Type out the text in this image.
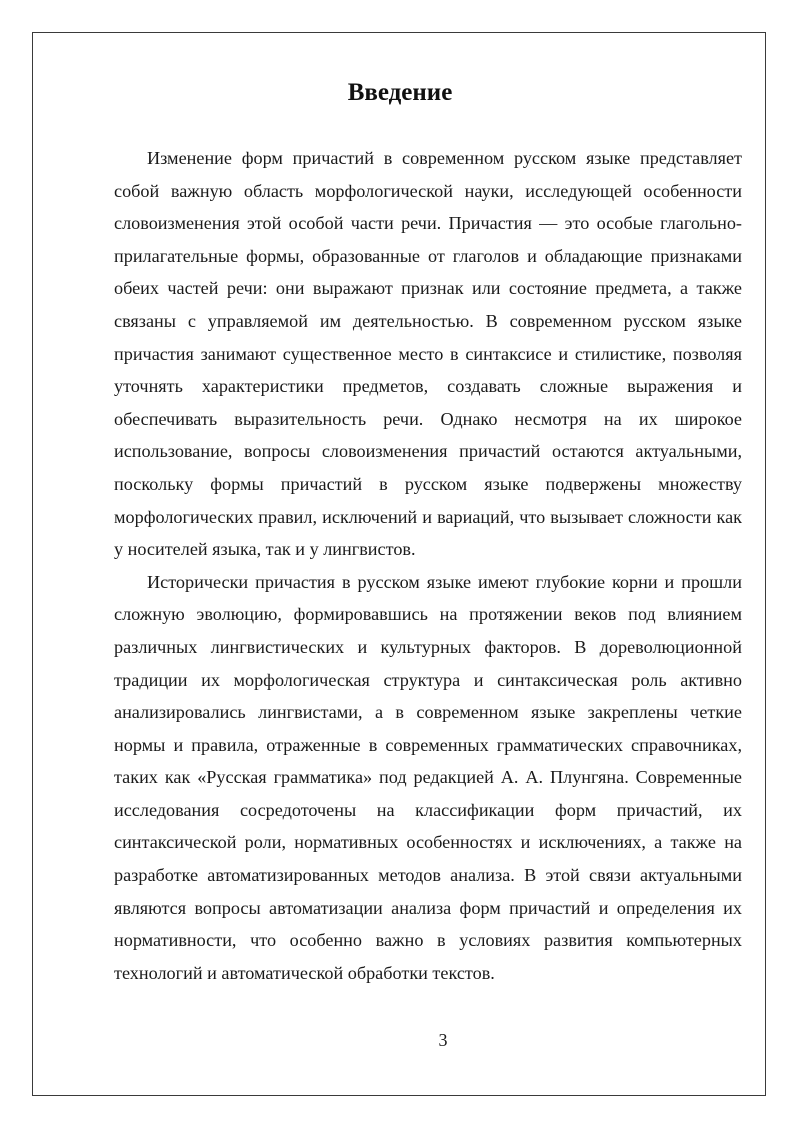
Введение

Изменение форм причастий в современном русском языке представляет собой важную область морфологической науки, исследующей особенности словоизменения этой особой части речи. Причастия — это особые глагольно-прилагательные формы, образованные от глаголов и обладающие признаками обеих частей речи: они выражают признак или состояние предмета, а также связаны с управляемой им деятельностью. В современном русском языке причастия занимают существенное место в синтаксисе и стилистике, позволяя уточнять характеристики предметов, создавать сложные выражения и обеспечивать выразительность речи. Однако несмотря на их широкое использование, вопросы словоизменения причастий остаются актуальными, поскольку формы причастий в русском языке подвержены множеству морфологических правил, исключений и вариаций, что вызывает сложности как у носителей языка, так и у лингвистов.

Исторически причастия в русском языке имеют глубокие корни и прошли сложную эволюцию, формировавшись на протяжении веков под влиянием различных лингвистических и культурных факторов. В дореволюционной традиции их морфологическая структура и синтаксическая роль активно анализировались лингвистами, а в современном языке закреплены четкие нормы и правила, отраженные в современных грамматических справочниках, таких как «Русская грамматика» под редакцией А. А. Плунгяна. Современные исследования сосредоточены на классификации форм причастий, их синтаксической роли, нормативных особенностях и исключениях, а также на разработке автоматизированных методов анализа. В этой связи актуальными являются вопросы автоматизации анализа форм причастий и определения их нормативности, что особенно важно в условиях развития компьютерных технологий и автоматической обработки текстов.

3
